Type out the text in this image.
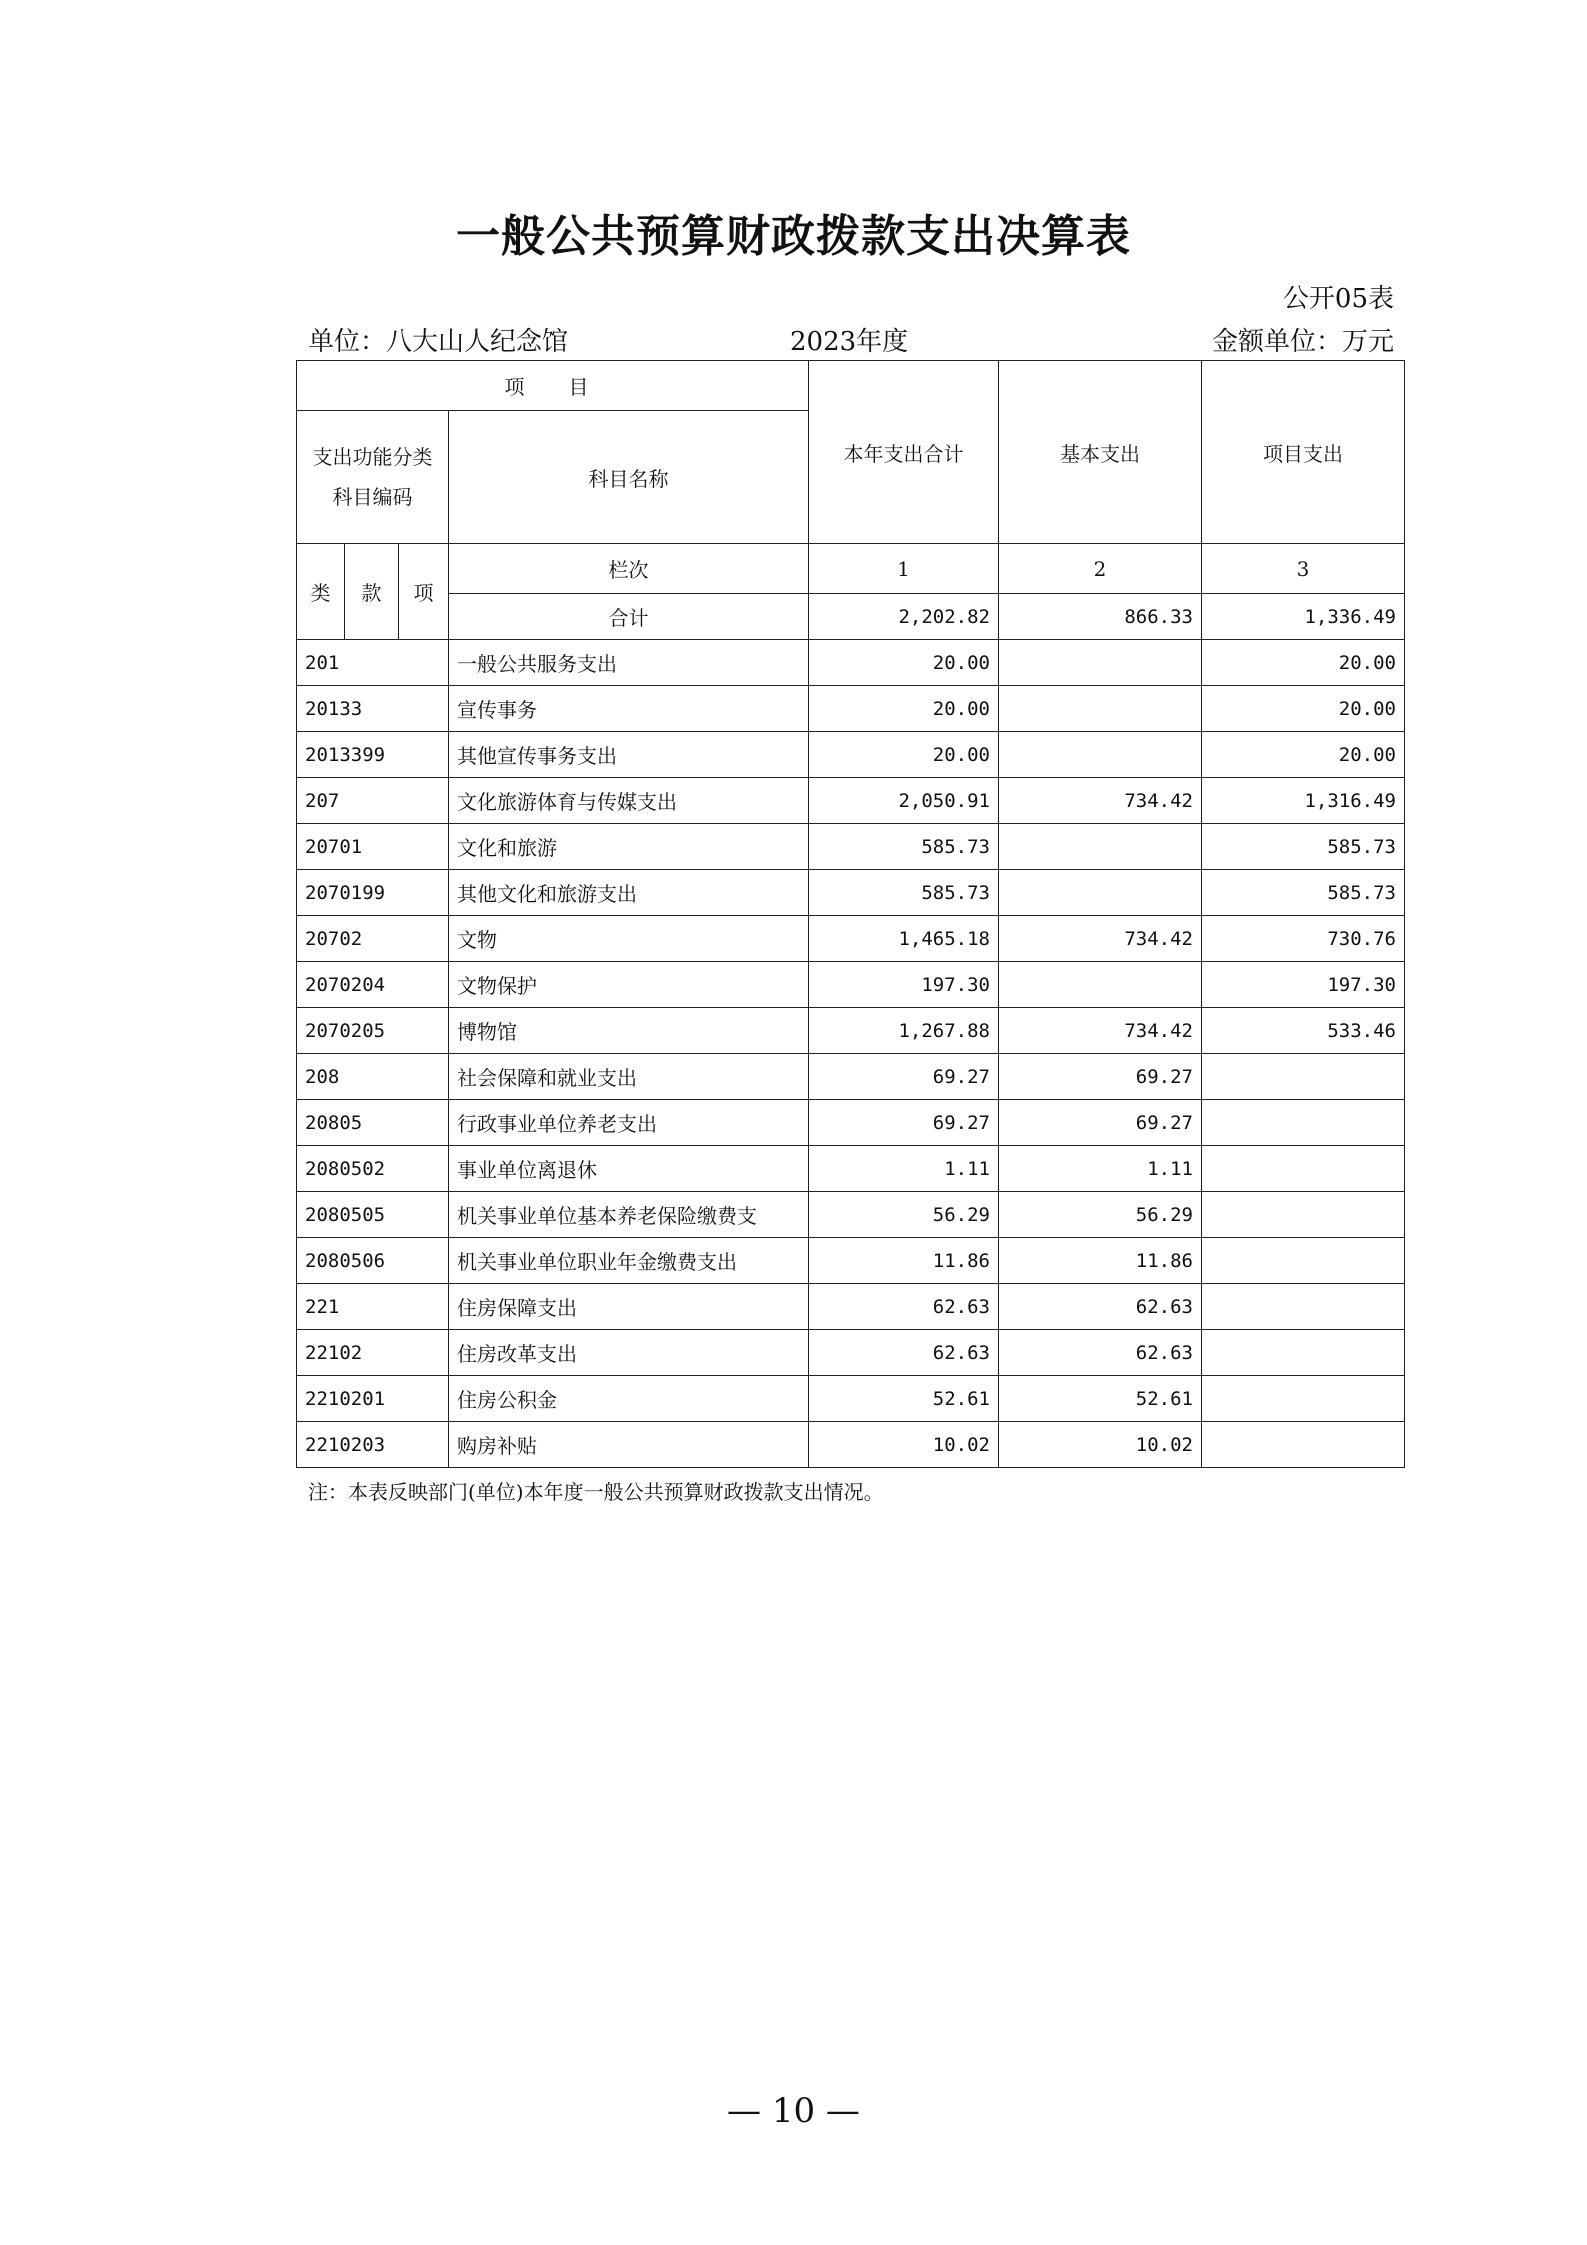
一般公共预算财政拨款支出决算表
公开05表
单位：八大山人纪念馆	2023年度	金额单位：万元
项　目				本年支出合计	基本支出	项目支出
支出功能分类科目编码			科目名称			
类	款	项	栏次	1	2	3
			合计	2,202.82	866.33	1,336.49
201			一般公共服务支出	20.00		20.00
20133			宣传事务	20.00		20.00
2013399			其他宣传事务支出	20.00		20.00
207			文化旅游体育与传媒支出	2,050.91	734.42	1,316.49
20701			文化和旅游	585.73		585.73
2070199			其他文化和旅游支出	585.73		585.73
20702			文物	1,465.18	734.42	730.76
2070204			文物保护	197.30		197.30
2070205			博物馆	1,267.88	734.42	533.46
208			社会保障和就业支出	69.27	69.27	
20805			行政事业单位养老支出	69.27	69.27	
2080502			事业单位离退休	1.11	1.11	
2080505			机关事业单位基本养老保险缴费支	56.29	56.29	
2080506			机关事业单位职业年金缴费支出	11.86	11.86	
221			住房保障支出	62.63	62.63	
22102			住房改革支出	62.63	62.63	
2210201			住房公积金	52.61	52.61	
2210203			购房补贴	10.02	10.02	
注：本表反映部门(单位)本年度一般公共预算财政拨款支出情况。
— 10 —
